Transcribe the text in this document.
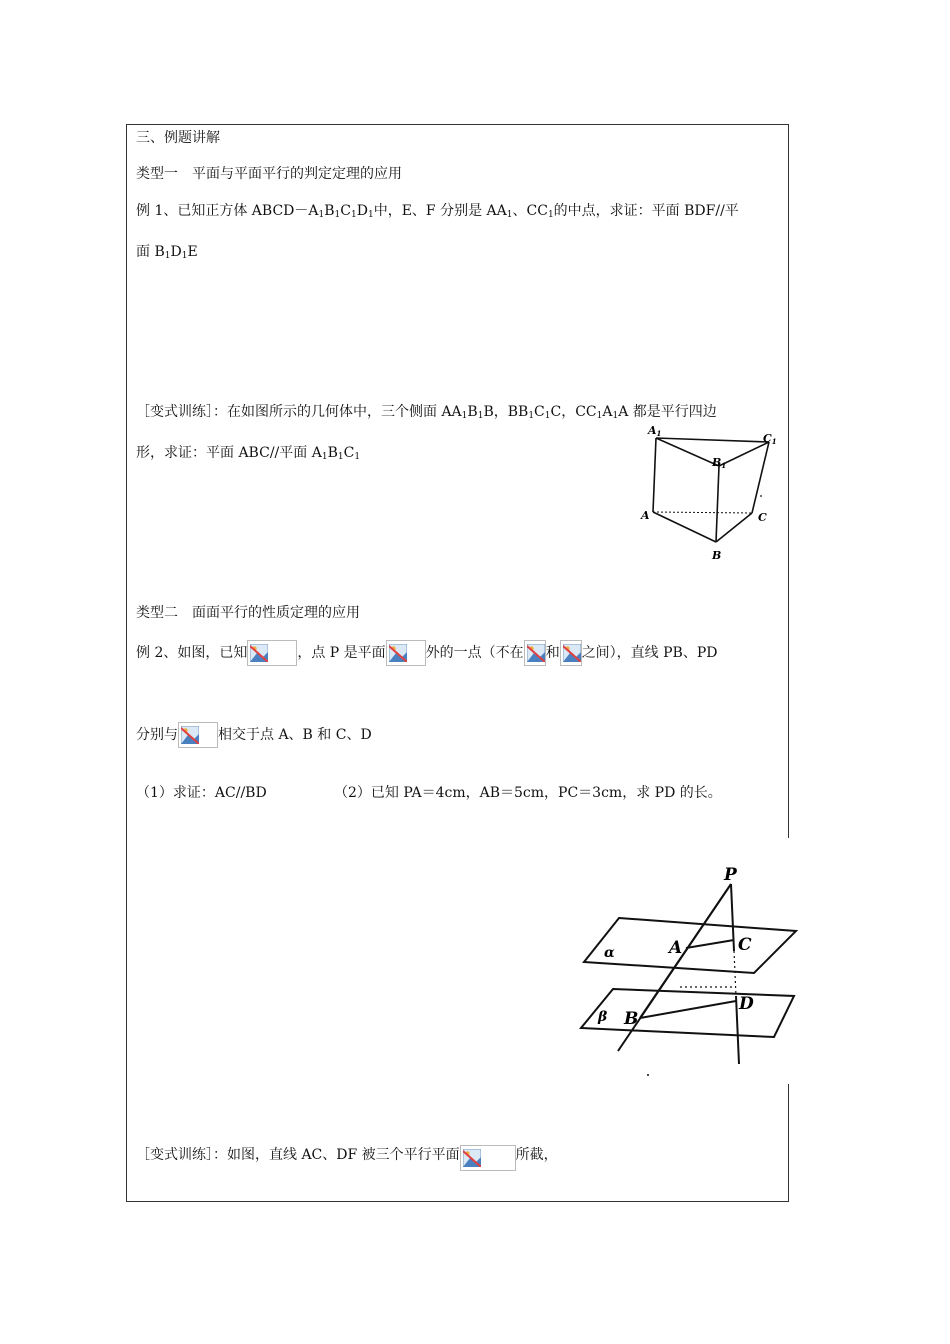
三、例题讲解
类型一　平面与平面平行的判定定理的应用
例 1、已知正方体 $ABCD-A_1B_1C_1D_1$中，E、F 分别是 $AA_1$、$CC_1$的中点，求证：平面 BDF//平
面 $B_1D_1E$
［变式训练］：在如图所示的几何体中，三个侧面 $AA_1B_1B$，$BB_1C_1C$，$CC_1A_1A$ 都是平行四边
形，求证：平面 ABC//平面 $A_1B_1C_1$
A1
B1
C1
A
B
C
类型二　面面平行的性质定理的应用
例 2、如图，已知	，点 P 是平面	外的一点（不在 和 之间），直线 PB、PD
分别与	相交于点 A、B 和 C、D
（1）求证：AC//BD	（2）已知 PA＝4cm，AB＝5cm，PC＝3cm，求 PD 的长。
P
A	C
B
D
α
β
［变式训练］：如图，直线 AC、DF 被三个平行平面	所截，
